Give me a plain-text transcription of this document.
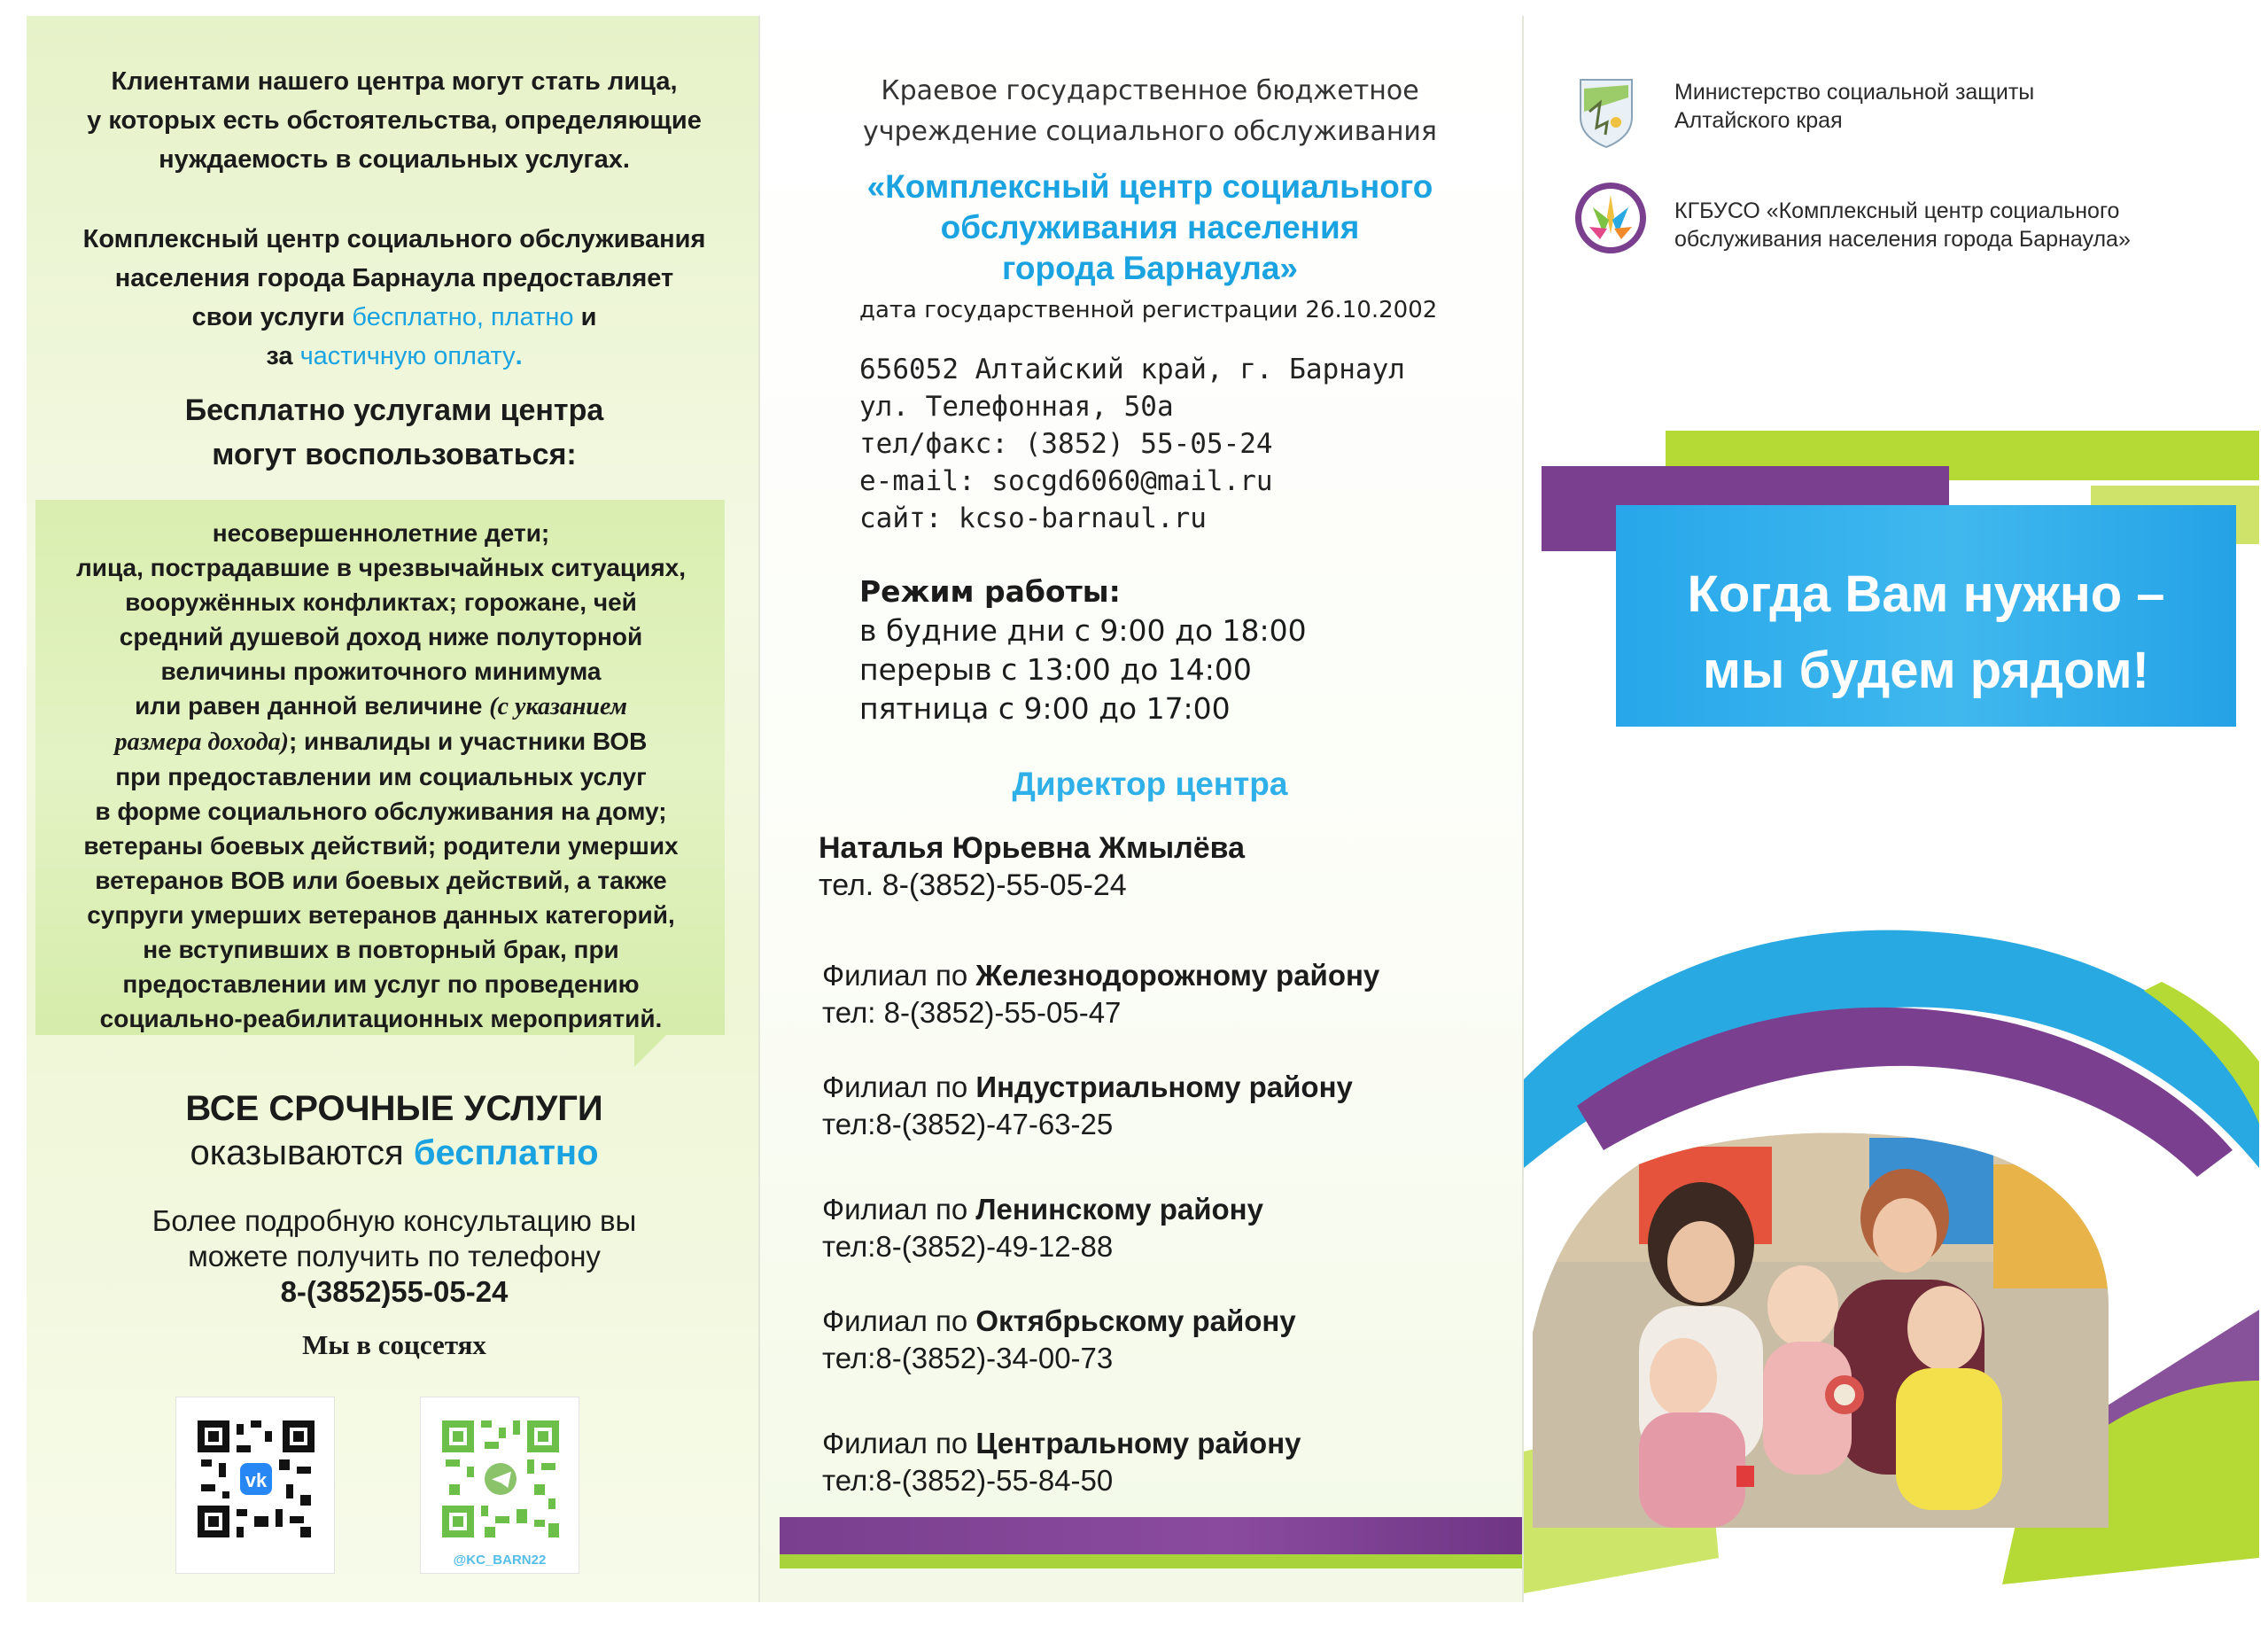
Клиентами нашего центра могут стать лица,
у которых есть обстоятельства, определяющие
нуждаемость в социальных услугах.
Комплексный центр социального обслуживания
населения города Барнаула предоставляет
свои услуги бесплатно, платно и
за частичную оплату.
Бесплатно услугами центра
могут воспользоваться:
несовершеннолетние дети;
лица, пострадавшие в чрезвычайных ситуациях,
вооружённых конфликтах; горожане, чей
средний душевой доход ниже полуторной
величины прожиточного минимума
или равен данной величине (с указанием
размера дохода); инвалиды и участники ВОВ
при предоставлении им социальных услуг
в форме социального обслуживания на дому;
ветераны боевых действий; родители умерших
ветеранов ВОВ или боевых действий, а также
супруги умерших ветеранов данных категорий,
не вступивших в повторный брак, при
предоставлении им услуг по проведению
социально-реабилитационных мероприятий.
ВСЕ СРОЧНЫЕ УСЛУГИ
оказываются бесплатно
Более подробную консультацию вы
можете получить по телефону
8-(3852)55-05-24
Мы в соцсетях
vk
@KC_BARN22
Краевое государственное бюджетное
учреждение социального обслуживания
«Комплексный центр социального
обслуживания населения
города Барнаула»
дата государственной регистрации 26.10.2002
656052 Алтайский край, г. Барнаул
ул. Телефонная, 50а
тел/факс: (3852) 55-05-24
e-mail: socgd6060@mail.ru
сайт: kcso-barnaul.ru
Режим работы:
в будние дни с 9:00 до 18:00
перерыв с 13:00 до 14:00
пятница с 9:00 до 17:00
Директор центра
Наталья Юрьевна Жмылёва
тел. 8-(3852)-55-05-24
Филиал по Железнодорожному району
тел: 8-(3852)-55-05-47
Филиал по Индустриальному району
тел:8-(3852)-47-63-25
Филиал по Ленинскому району
тел:8-(3852)-49-12-88
Филиал по Октябрьскому району
тел:8-(3852)-34-00-73
Филиал по Центральному району
тел:8-(3852)-55-84-50
Министерство социальной защиты
Алтайского края
КГБУСО «Комплексный центр социального
обслуживания населения города Барнаула»
Когда Вам нужно –
мы будем рядом!
